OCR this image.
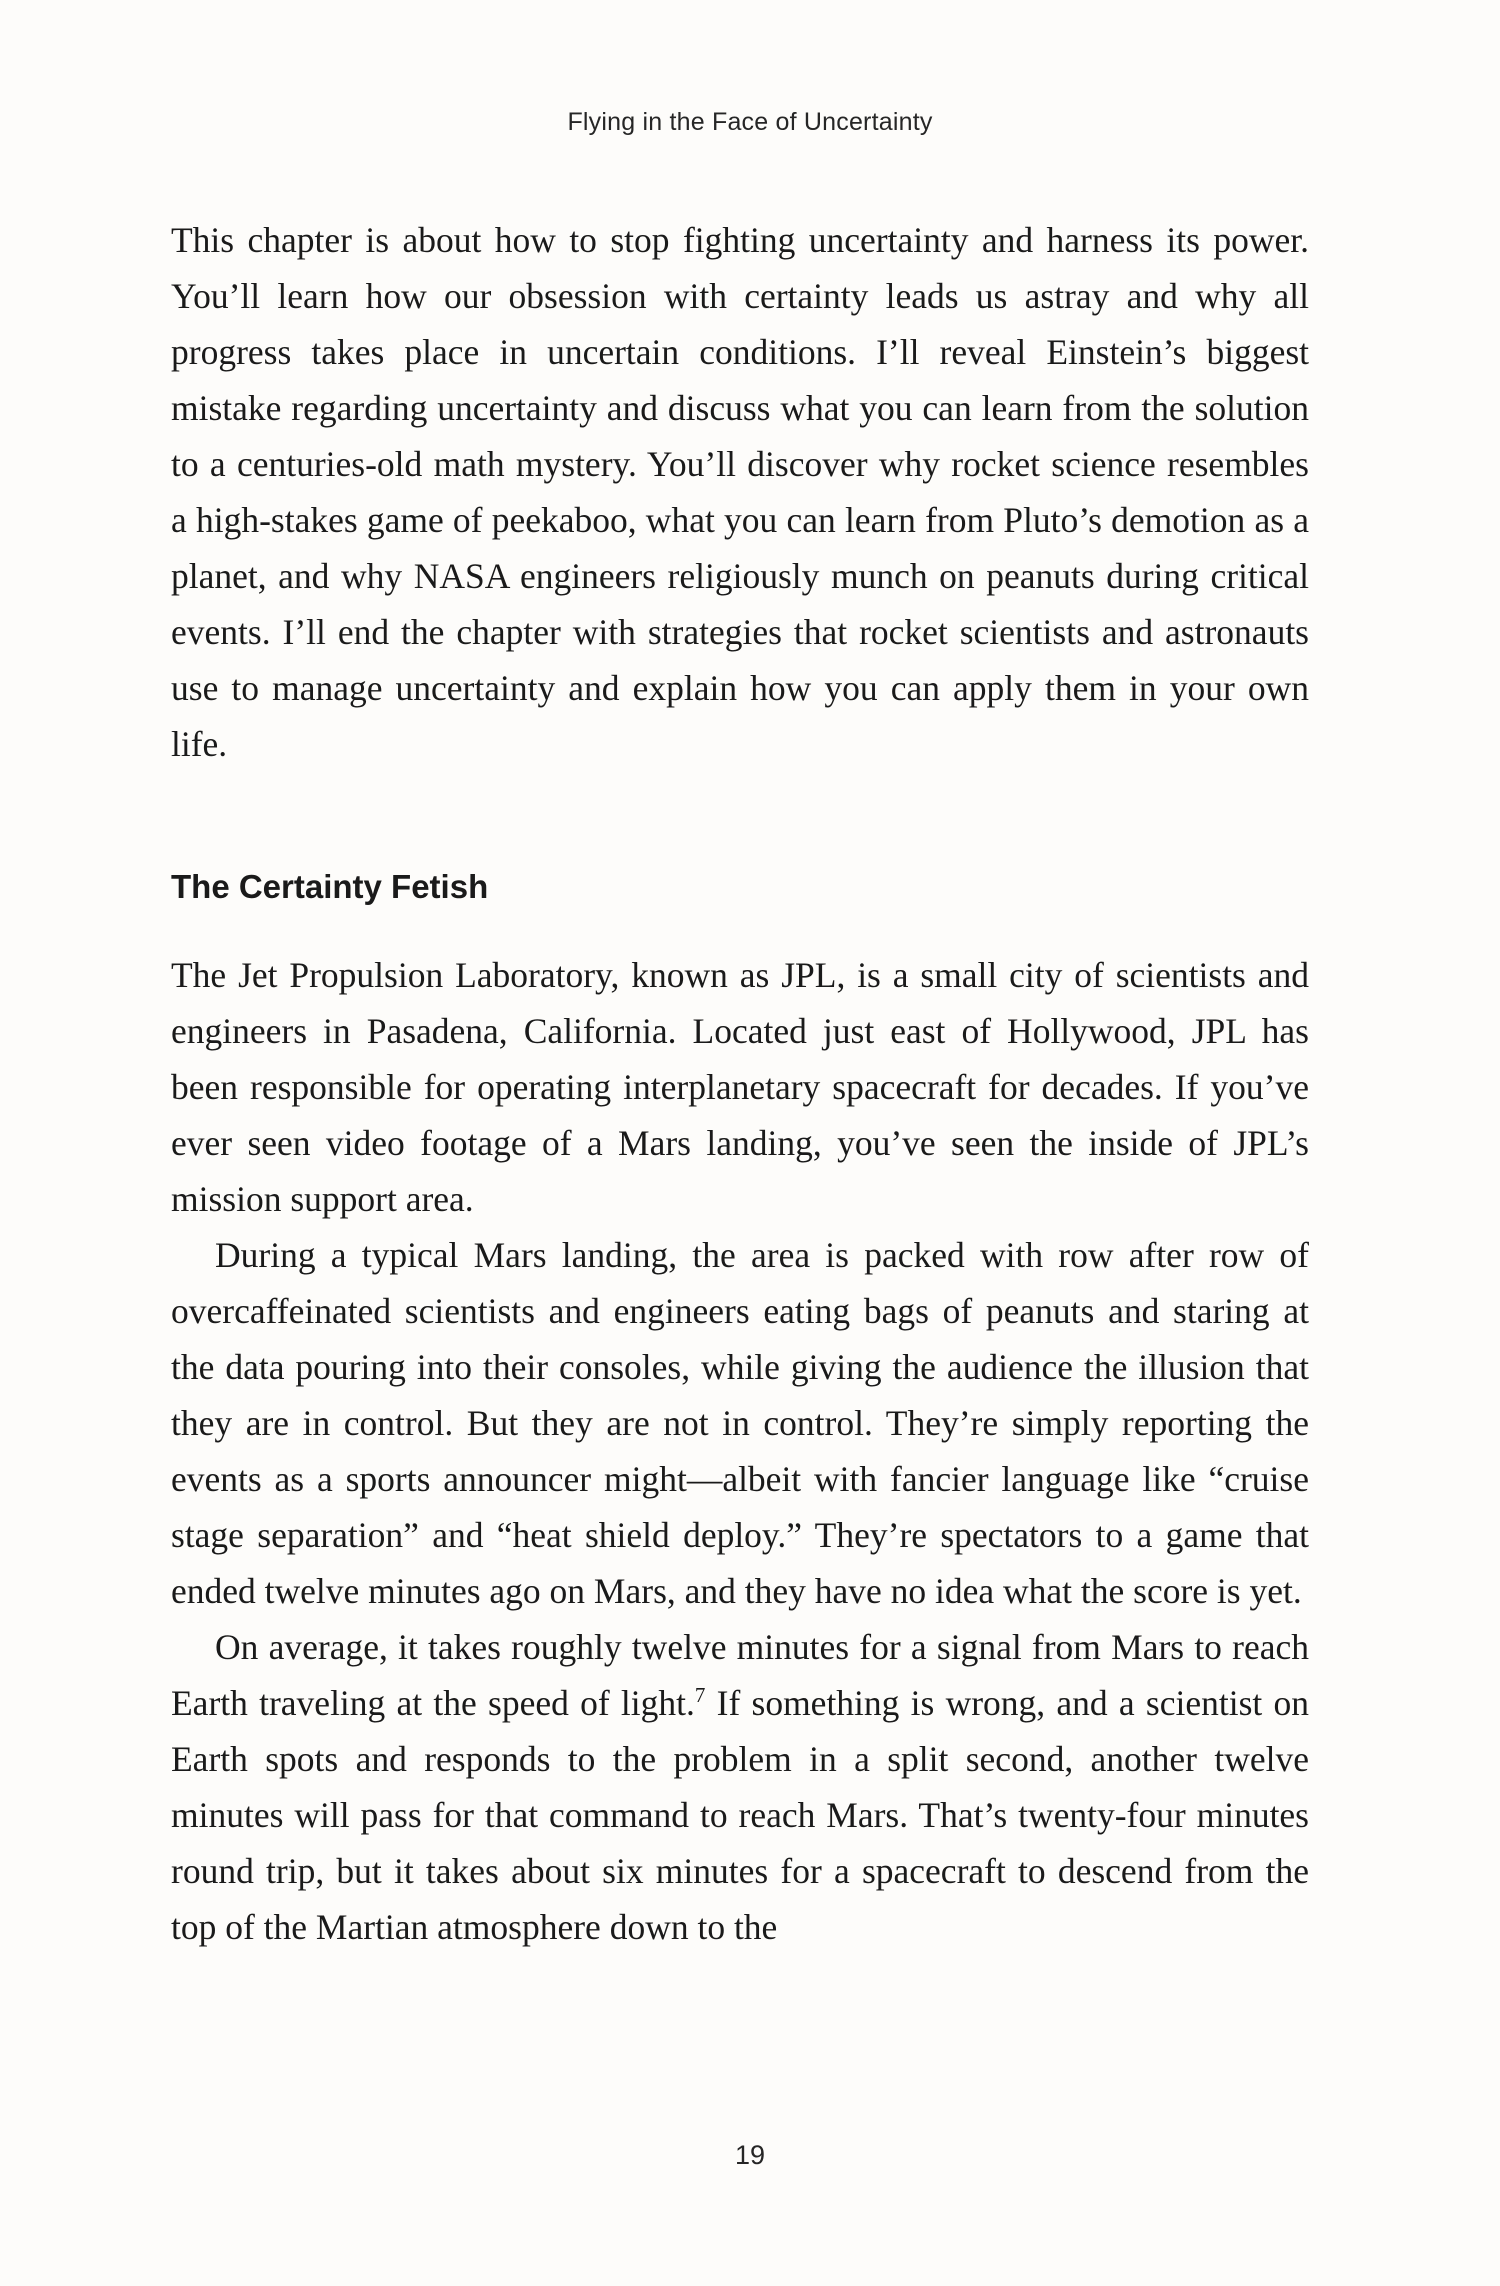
Flying in the Face of Uncertainty

This chapter is about how to stop fighting uncertainty and harness its power. You’ll learn how our obsession with certainty leads us astray and why all progress takes place in uncertain conditions. I’ll reveal Einstein’s biggest mistake regarding uncertainty and discuss what you can learn from the solution to a centuries-old math mystery. You’ll discover why rocket science resembles a high-stakes game of peekaboo, what you can learn from Pluto’s demotion as a planet, and why NASA engineers religiously munch on peanuts during critical events. I’ll end the chapter with strategies that rocket scientists and astronauts use to manage uncertainty and explain how you can apply them in your own life.

The Certainty Fetish

The Jet Propulsion Laboratory, known as JPL, is a small city of scientists and engineers in Pasadena, California. Located just east of Hollywood, JPL has been responsible for operating interplanetary spacecraft for decades. If you’ve ever seen video footage of a Mars landing, you’ve seen the inside of JPL’s mission support area.

During a typical Mars landing, the area is packed with row after row of overcaffeinated scientists and engineers eating bags of peanuts and staring at the data pouring into their consoles, while giving the audience the illusion that they are in control. But they are not in control. They’re simply reporting the events as a sports announcer might—albeit with fancier language like “cruise stage separation” and “heat shield deploy.” They’re spectators to a game that ended twelve minutes ago on Mars, and they have no idea what the score is yet.

On average, it takes roughly twelve minutes for a signal from Mars to reach Earth traveling at the speed of light.$^7$ If something is wrong, and a scientist on Earth spots and responds to the problem in a split second, another twelve minutes will pass for that command to reach Mars. That’s twenty-four minutes round trip, but it takes about six minutes for a spacecraft to descend from the top of the Martian atmosphere down to the

19
